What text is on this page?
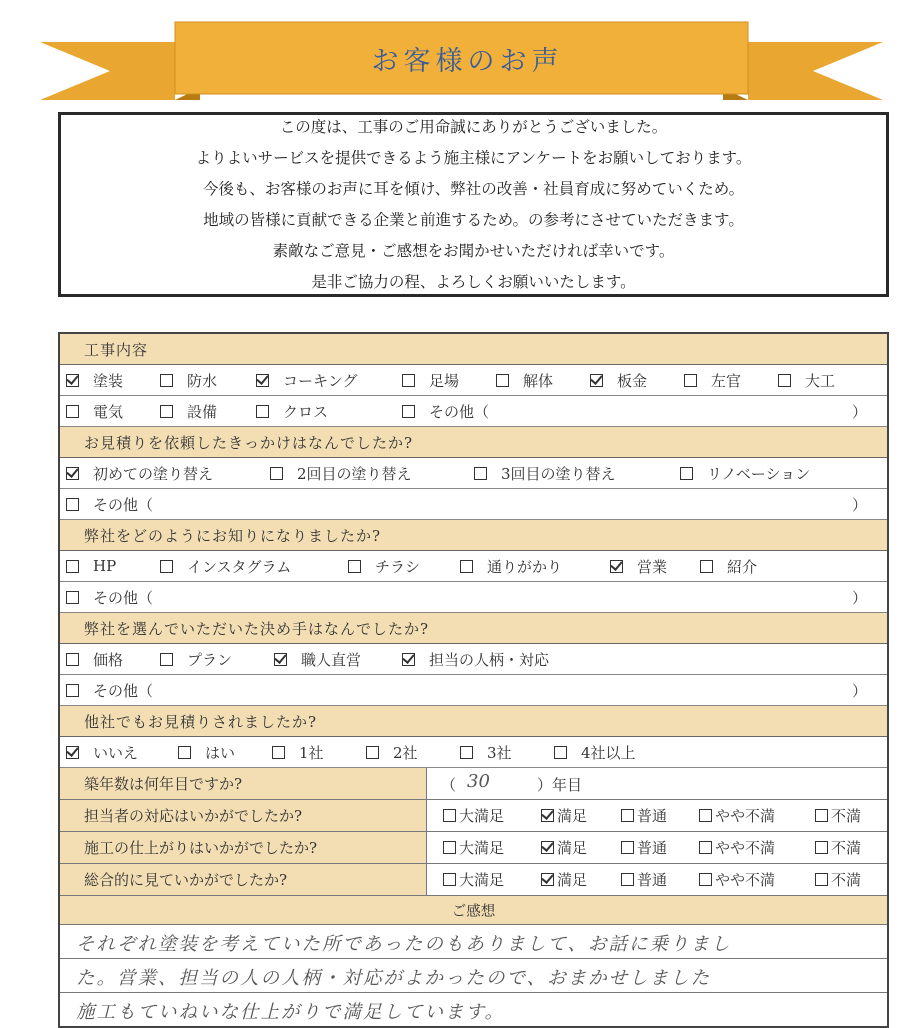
お客様のお声
この度は、工事のご用命誠にありがとうございました。
よりよいサービスを提供できるよう施主様にアンケートをお願いしております。
今後も、お客様のお声に耳を傾け、弊社の改善・社員育成に努めていくため。
地域の皆様に貢献できる企業と前進するため。の参考にさせていただきます。
素敵なご意見・ご感想をお聞かせいただければ幸いです。
是非ご協力の程、よろしくお願いいたします。
工事内容
塗装	防水	コーキング	足場	解体	板金	左官	大工
電気	設備	クロス	その他（	）
お見積りを依頼したきっかけはなんでしたか?
初めての塗り替え	2回目の塗り替え	3回目の塗り替え	リノベーション
その他（	）
弊社をどのようにお知りになりましたか?
HP	インスタグラム	チラシ	通りがかり	営業	紹介
その他（	）
弊社を選んでいただいた決め手はなんでしたか?
価格	プラン	職人直営	担当の人柄・対応
その他（	）
他社でもお見積りされましたか?
いいえ	はい	1社	2社	3社	4社以上
築年数は何年目ですか?	（ 30	）年目
担当者の対応はいかがでしたか?	大満足	満足	普通	やや不満	不満
施工の仕上がりはいかがでしたか?	大満足	満足	普通	やや不満	不満
総合的に見ていかがでしたか?	大満足	満足	普通	やや不満	不満
ご感想
それぞれ塗装を考えていた所であったのもありまして、お話に乗りまし
た。営業、担当の人の人柄・対応がよかったので、おまかせしました
施工もていねいな仕上がりで満足しています。
